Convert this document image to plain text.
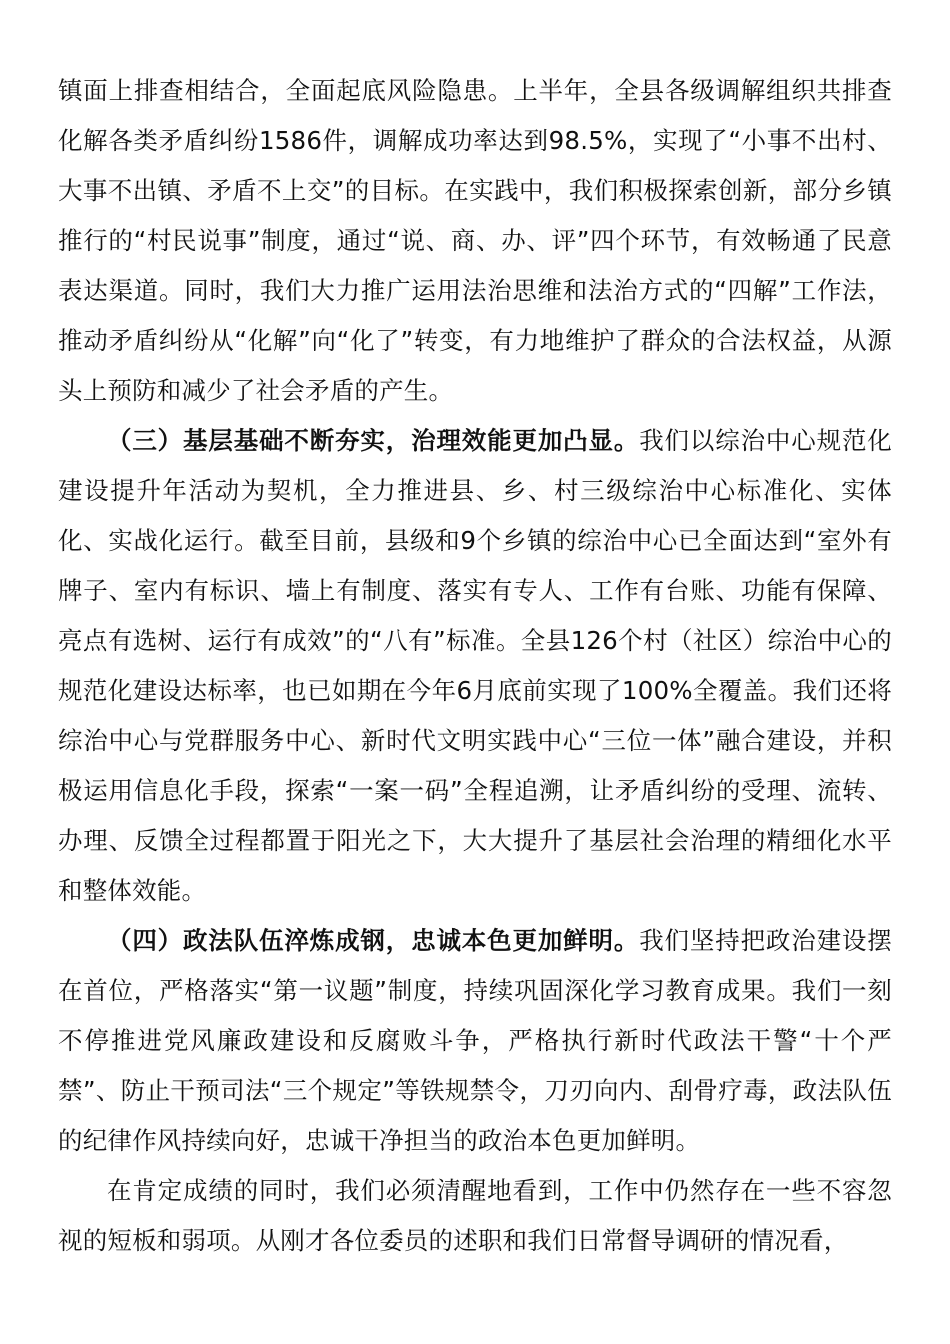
镇面上排查相结合，全面起底风险隐患。上半年，全县各级调解组织共排查化解各类矛盾纠纷1586件，调解成功率达到98.5%，实现了“小事不出村、大事不出镇、矛盾不上交”的目标。在实践中，我们积极探索创新，部分乡镇推行的“村民说事”制度，通过“说、商、办、评”四个环节，有效畅通了民意表达渠道。同时，我们大力推广运用法治思维和法治方式的“四解”工作法，推动矛盾纠纷从“化解”向“化了”转变，有力地维护了群众的合法权益，从源头上预防和减少了社会矛盾的产生。

（三）基层基础不断夯实，治理效能更加凸显。我们以综治中心规范化建设提升年活动为契机，全力推进县、乡、村三级综治中心标准化、实体化、实战化运行。截至目前，县级和9个乡镇的综治中心已全面达到“室外有牌子、室内有标识、墙上有制度、落实有专人、工作有台账、功能有保障、亮点有选树、运行有成效”的“八有”标准。全县126个村（社区）综治中心的规范化建设达标率，也已如期在今年6月底前实现了100%全覆盖。我们还将综治中心与党群服务中心、新时代文明实践中心“三位一体”融合建设，并积极运用信息化手段，探索“一案一码”全程追溯，让矛盾纠纷的受理、流转、办理、反馈全过程都置于阳光之下，大大提升了基层社会治理的精细化水平和整体效能。

（四）政法队伍淬炼成钢，忠诚本色更加鲜明。我们坚持把政治建设摆在首位，严格落实“第一议题”制度，持续巩固深化学习教育成果。我们一刻不停推进党风廉政建设和反腐败斗争，严格执行新时代政法干警“十个严禁”、防止干预司法“三个规定”等铁规禁令，刀刃向内、刮骨疗毒，政法队伍的纪律作风持续向好，忠诚干净担当的政治本色更加鲜明。

在肯定成绩的同时，我们必须清醒地看到，工作中仍然存在一些不容忽视的短板和弱项。从刚才各位委员的述职和我们日常督导调研的情况看，
